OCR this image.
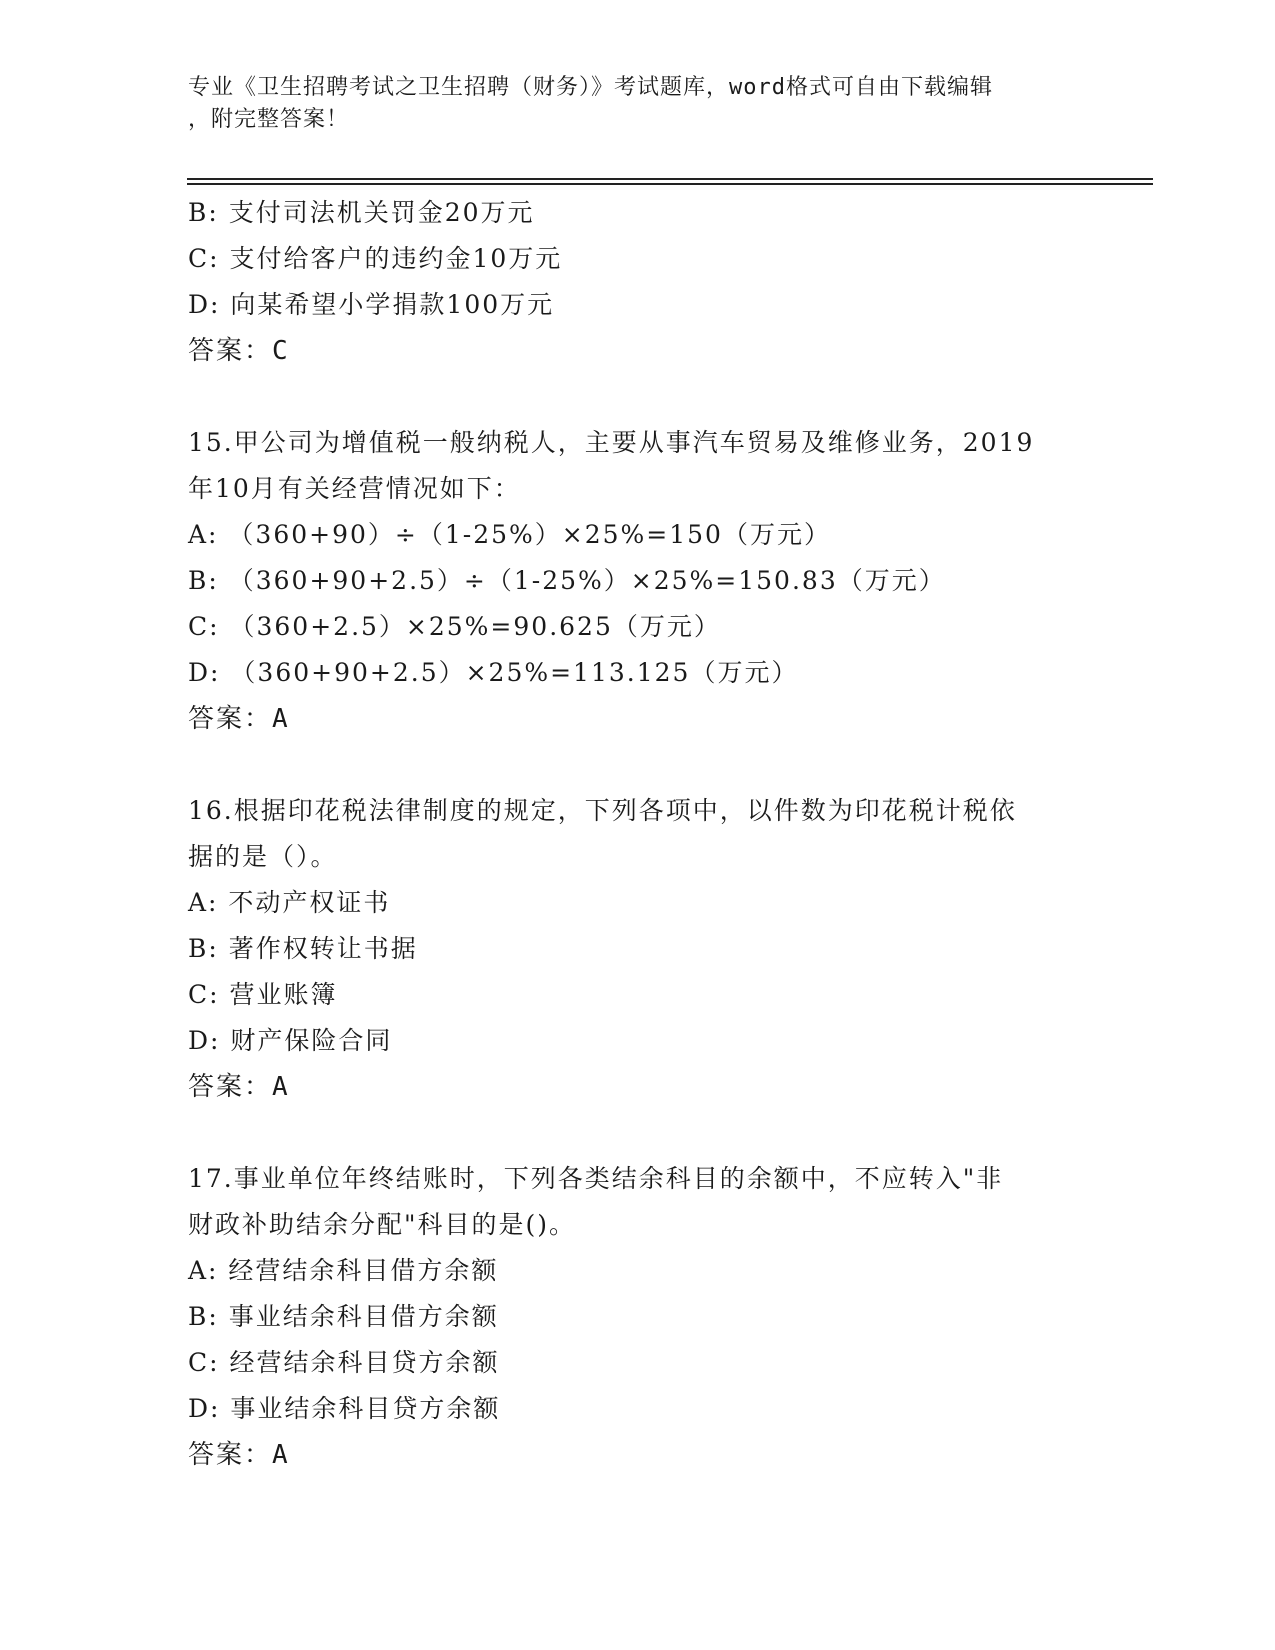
专业《卫生招聘考试之卫生招聘（财务）》考试题库，word格式可自由下载编辑
，附完整答案！
B: 支付司法机关罚金20万元
C: 支付给客户的违约金10万元
D: 向某希望小学捐款100万元
答案：C
15.甲公司为增值税一般纳税人，主要从事汽车贸易及维修业务，2019
年10月有关经营情况如下：
A: （360+90）÷（1-25%）×25%=150（万元）
B: （360+90+2.5）÷（1-25%）×25%=150.83（万元）
C: （360+2.5）×25%=90.625（万元）
D: （360+90+2.5）×25%=113.125（万元）
答案：A
16.根据印花税法律制度的规定，下列各项中，以件数为印花税计税依
据的是（）。
A: 不动产权证书
B: 著作权转让书据
C: 营业账簿
D: 财产保险合同
答案：A
17.事业单位年终结账时，下列各类结余科目的余额中，不应转入"非
财政补助结余分配"科目的是()。
A: 经营结余科目借方余额
B: 事业结余科目借方余额
C: 经营结余科目贷方余额
D: 事业结余科目贷方余额
答案：A
